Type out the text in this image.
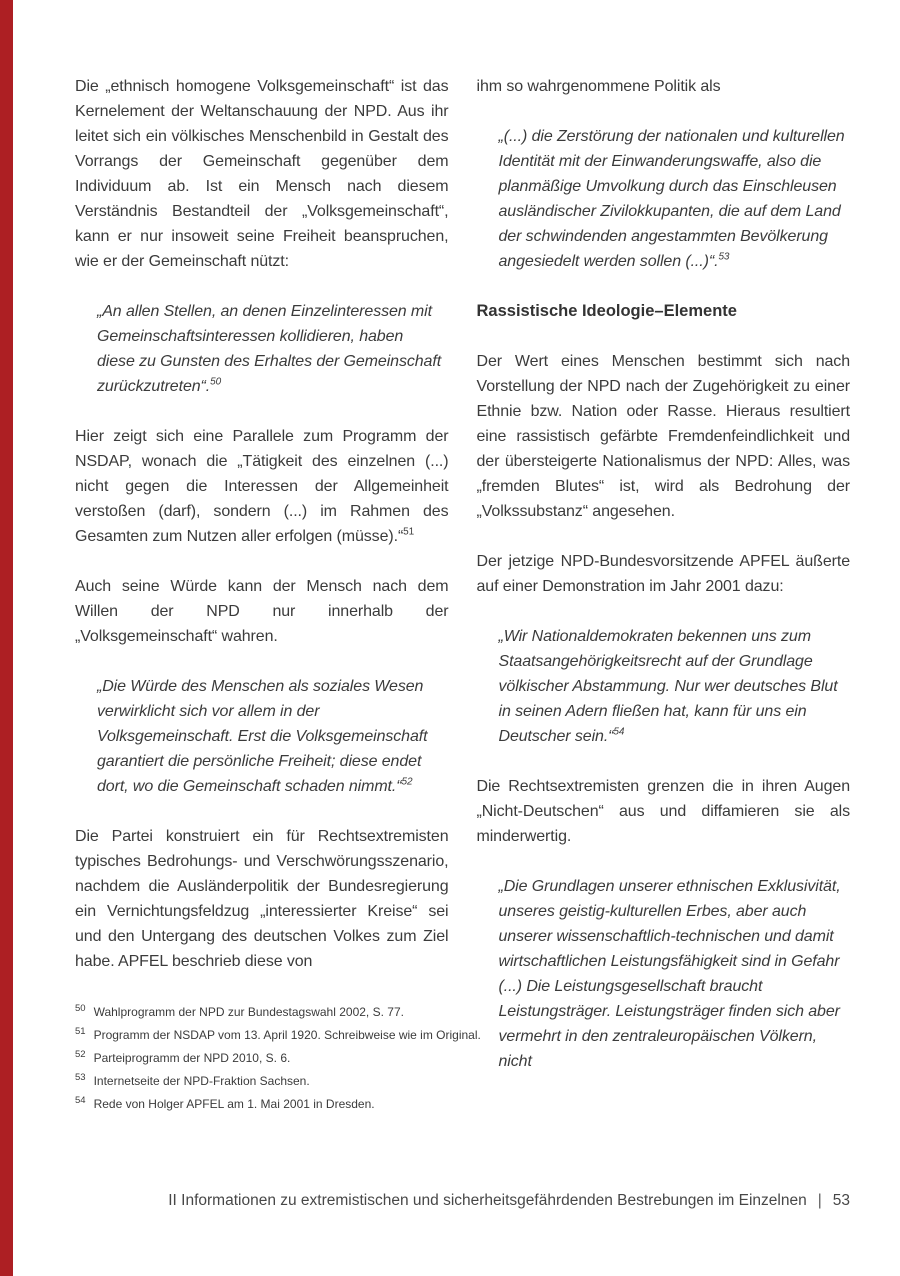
Die „ethnisch homogene Volksgemeinschaft“ ist das Kernelement der Weltanschauung der NPD. Aus ihr leitet sich ein völkisches Menschenbild in Gestalt des Vorrangs der Gemeinschaft gegenüber dem Individuum ab. Ist ein Mensch nach diesem Verständnis Bestandteil der „Volksgemeinschaft“, kann er nur insoweit seine Freiheit beanspruchen, wie er der Gemeinschaft nützt:

„An allen Stellen, an denen Einzelinteressen mit Gemeinschaftsinteressen kollidieren, haben diese zu Gunsten des Erhaltes der Gemeinschaft zurückzutreten“.$^{50}$

Hier zeigt sich eine Parallele zum Programm der NSDAP, wonach die „Tätigkeit des einzelnen (...) nicht gegen die Interessen der Allgemeinheit verstoßen (darf), sondern (...) im Rahmen des Gesamten zum Nutzen aller erfolgen (müsse).“$^{51}$

Auch seine Würde kann der Mensch nach dem Willen der NPD nur innerhalb der „Volksgemeinschaft“ wahren.

„Die Würde des Menschen als soziales Wesen verwirklicht sich vor allem in der Volksgemeinschaft. Erst die Volksgemeinschaft garantiert die persönliche Freiheit; diese endet dort, wo die Gemeinschaft schaden nimmt.“$^{52}$

Die Partei konstruiert ein für Rechtsextremisten typisches Bedrohungs- und Verschwörungsszenario, nachdem die Ausländerpolitik der Bundesregierung ein Vernichtungsfeldzug „interessierter Kreise“ sei und den Untergang des deutschen Volkes zum Ziel habe. APFEL beschrieb diese von

50 Wahlprogramm der NPD zur Bundestagswahl 2002, S. 77.
51 Programm der NSDAP vom 13. April 1920. Schreibweise wie im Original.
52 Parteiprogramm der NPD 2010, S. 6.
53 Internetseite der NPD-Fraktion Sachsen.
54 Rede von Holger APFEL am 1. Mai 2001 in Dresden.

ihm so wahrgenommene Politik als

„(...) die Zerstörung der nationalen und kulturellen Identität mit der Einwanderungswaffe, also die planmäßige Umvolkung durch das Einschleusen ausländischer Zivilokkupanten, die auf dem Land der schwindenden angestammten Bevölkerung angesiedelt werden sollen (...)“.$^{53}$
Rassistische Ideologie–Elemente

Der Wert eines Menschen bestimmt sich nach Vorstellung der NPD nach der Zugehörigkeit zu einer Ethnie bzw. Nation oder Rasse. Hieraus resultiert eine rassistisch gefärbte Fremdenfeindlichkeit und der übersteigerte Nationalismus der NPD: Alles, was „fremden Blutes“ ist, wird als Bedrohung der „Volkssubstanz“ angesehen.

Der jetzige NPD-Bundesvorsitzende APFEL äußerte auf einer Demonstration im Jahr 2001 dazu:

„Wir Nationaldemokraten bekennen uns zum Staatsangehörigkeitsrecht auf der Grundlage völkischer Abstammung. Nur wer deutsches Blut in seinen Adern fließen hat, kann für uns ein Deutscher sein.“$^{54}$

Die Rechtsextremisten grenzen die in ihren Augen „Nicht-Deutschen“ aus und diffamieren sie als minderwertig.

„Die Grundlagen unserer ethnischen Exklusivität, unseres geistig-kulturellen Erbes, aber auch unserer wissenschaftlich-technischen und damit wirtschaftlichen Leistungsfähigkeit sind in Gefahr (...) Die Leistungsgesellschaft braucht Leistungsträger. Leistungsträger finden sich aber vermehrt in den zentraleuropäischen Völkern, nicht
II Informationen zu extremistischen und sicherheitsgefährdenden Bestrebungen im Einzelnen | 53
